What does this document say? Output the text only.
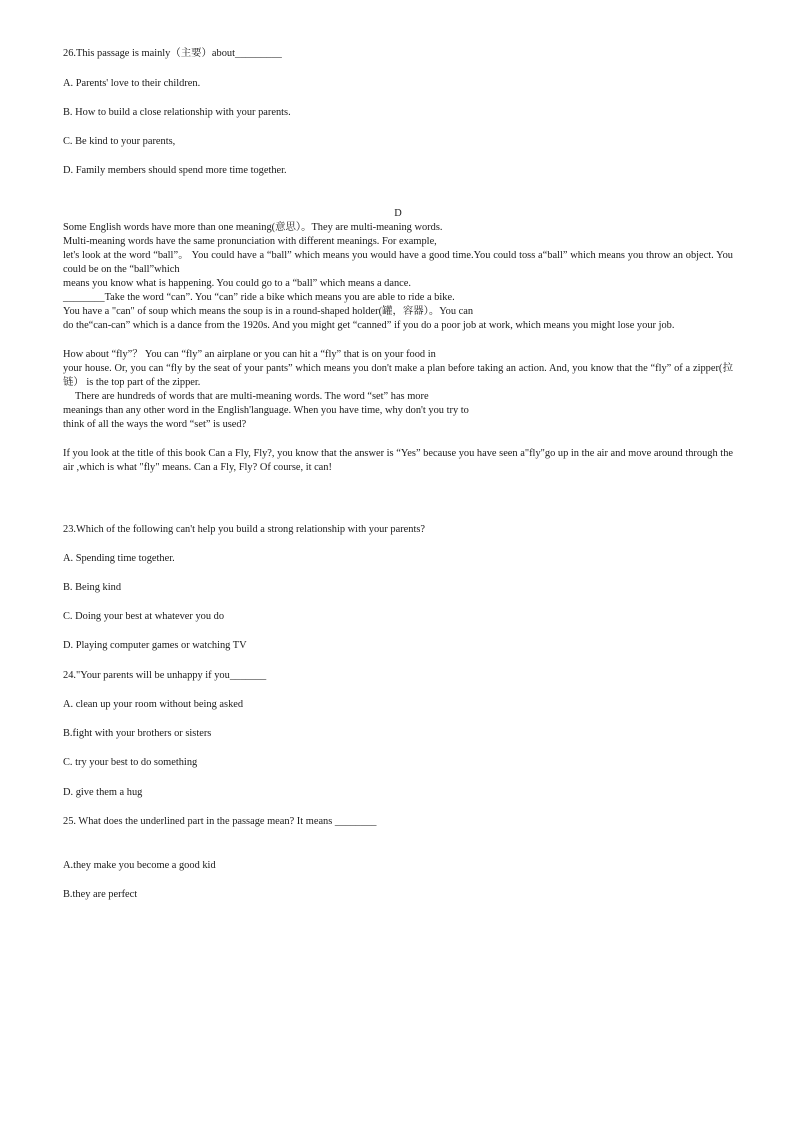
26.This passage is mainly（主要）about_________
A. Parents' love to their children.
B. How to build a close relationship with your parents.
C. Be kind to your parents,
D. Family members should spend more time together.
D
Some English words have more than one meaning(意思）。They are multi-meaning words.
Multi-meaning words have the same pronunciation with different meanings. For example,
let's look at the word “ball”。 You could have a “ball” which means you would have a good time.You could toss a“ball” which means you throw an object. You could be on the “ball”which
means you know what is happening. You could go to a “ball” which means a dance.
________Take the word “can”. You “can” ride a bike which means you are able to ride a bike.
You have a "can" of soup which means the soup is in a round-shaped holder(罐，容器）。You can
do the“can-can” which is a dance from the 1920s. And you might get “canned” if you do a poor job at work, which means you might lose your job.
How about “fly”？ You can “fly” an airplane or you can hit a “fly” that is on your food in
your house. Or, you can “fly by the seat of your pants” which means you don't make a plan before taking an action. And, you know that the “fly” of a zipper(拉链） is the top part of the zipper.
There are hundreds of words that are multi-meaning words. The word “set” has more
meanings than any other word in the English'language. When you have time, why don't you try to
think of all the ways the word “set” is used?
If you look at the title of this book Can a Fly, Fly?, you know that the answer is “Yes” because you have seen a"fly"go up in the air and move around through the air ,which is what "fly" means. Can a Fly, Fly? Of course, it can!
23.Which of the following can't help you build a strong relationship with your parents?
A. Spending time together.
B. Being kind
C. Doing your best at whatever you do
D. Playing computer games or watching TV
24."Your parents will be unhappy if you_______
A. clean up your room without being asked
B.fight with your brothers or sisters
C. try your best to do something
D. give them a hug
25. What does the underlined part in the passage mean? It means ________
A.they make you become a good kid
B.they are perfect
